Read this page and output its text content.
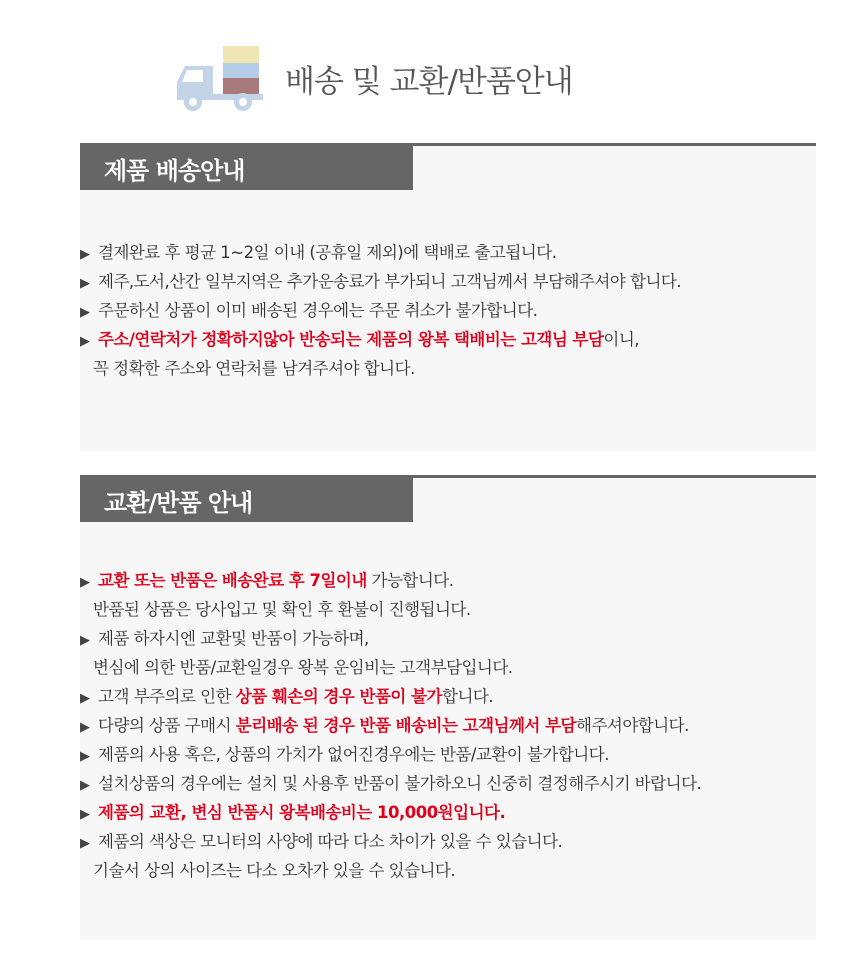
배송 및 교환/반품안내
제품 배송안내
▶ 결제완료 후 평균 1~2일 이내 (공휴일 제외)에 택배로 출고됩니다.
▶ 제주,도서,산간 일부지역은 추가운송료가 부가되니 고객님께서 부담해주셔야 합니다.
▶ 주문하신 상품이 이미 배송된 경우에는 주문 취소가 불가합니다.
▶ 주소/연락처가 정확하지않아 반송되는 제품의 왕복 택배비는 고객님 부담이니,
꼭 정확한 주소와 연락처를 남겨주셔야 합니다.
교환/반품 안내
▶ 교환 또는 반품은 배송완료 후 7일이내 가능합니다.
반품된 상품은 당사입고 및 확인 후 환불이 진행됩니다.
▶ 제품 하자시엔 교환및 반품이 가능하며,
변심에 의한 반품/교환일경우 왕복 운임비는 고객부담입니다.
▶ 고객 부주의로 인한 상품 훼손의 경우 반품이 불가합니다.
▶ 다량의 상품 구매시 분리배송 된 경우 반품 배송비는 고객님께서 부담해주셔야합니다.
▶ 제품의 사용 혹은, 상품의 가치가 없어진경우에는 반품/교환이 불가합니다.
▶ 설치상품의 경우에는 설치 및 사용후 반품이 불가하오니 신중히 결정해주시기 바랍니다.
▶ 제품의 교환, 변심 반품시 왕복배송비는 10,000원입니다.
▶ 제품의 색상은 모니터의 사양에 따라 다소 차이가 있을 수 있습니다.
기술서 상의 사이즈는 다소 오차가 있을 수 있습니다.
